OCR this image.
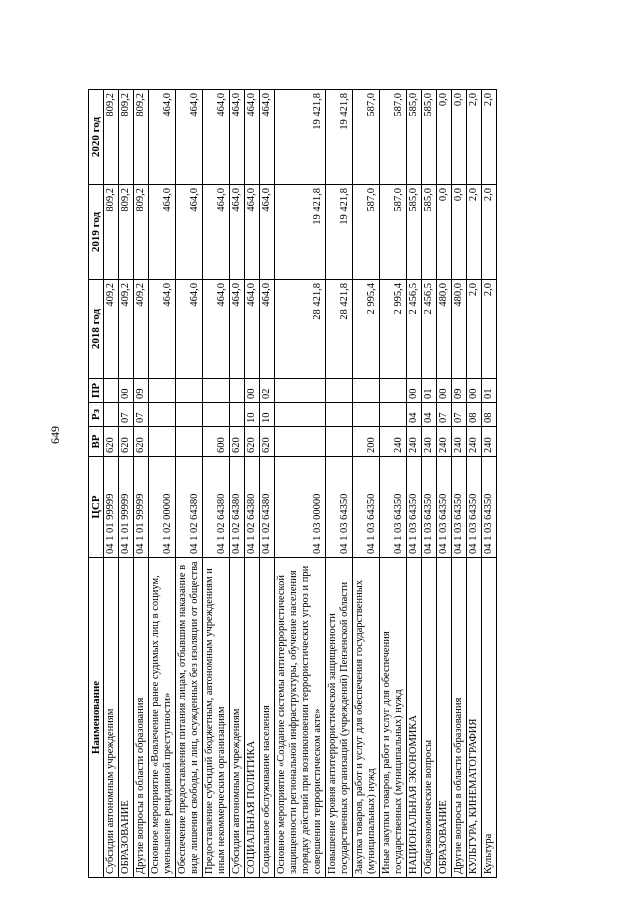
649
Наименование	ЦСР	ВР	Рз	ПР	2018 год	2019 год	2020 год
Субсидии автономным учреждениям	04 1 01 99999	620			409,2	809,2	809,2
ОБРАЗОВАНИЕ	04 1 01 99999	620	07	00	409,2	809,2	809,2
Другие вопросы в области образования	04 1 01 99999	620	07	09	409,2	809,2	809,2
Основное мероприятие «Вовлечение ранее судимых лиц в социум, уменьшение рецидивной преступности»	04 1 02 00000				464,0	464,0	464,0
Обеспечение предоставления питания лицам, отбывшим наказание в виде лишения свободы, и лиц, осужденных без изоляции от общества	04 1 02 64380				464,0	464,0	464,0
Предоставление субсидий бюджетным, автономным учреждениям и иным некоммерческим организациям	04 1 02 64380	600			464,0	464,0	464,0
Субсидии автономным учреждениям	04 1 02 64380	620			464,0	464,0	464,0
СОЦИАЛЬНАЯ ПОЛИТИКА	04 1 02 64380	620	10	00	464,0	464,0	464,0
Социальное обслуживание населения	04 1 02 64380	620	10	02	464,0	464,0	464,0
Основное мероприятие «Создание системы антитеррористической защищенности региональной инфраструктуры, обучение населения порядку действий при возникновении террористических угроз и при совершении террористическом акте»	04 1 03 00000				28 421,8	19 421,8	19 421,8
Повышение уровня антитеррористической защищенности государственных организаций (учреждений) Пензенской области	04 1 03 64350				28 421,8	19 421,8	19 421,8
Закупка товаров, работ и услуг для обеспечения государственных (муниципальных) нужд	04 1 03 64350	200			2 995,4	587,0	587,0
Иные закупки товаров, работ и услуг для обеспечения государственных (муниципальных) нужд	04 1 03 64350	240			2 995,4	587,0	587,0
НАЦИОНАЛЬНАЯ ЭКОНОМИКА	04 1 03 64350	240	04	00	2 456,5	585,0	585,0
Общеэкономические вопросы	04 1 03 64350	240	04	01	2 456,5	585,0	585,0
ОБРАЗОВАНИЕ	04 1 03 64350	240	07	00	480,0	0,0	0,0
Другие вопросы в области образования	04 1 03 64350	240	07	09	480,0	0,0	0,0
КУЛЬТУРА, КИНЕМАТОГРАФИЯ	04 1 03 64350	240	08	00	2,0	2,0	2,0
Культура	04 1 03 64350	240	08	01	2,0	2,0	2,0
